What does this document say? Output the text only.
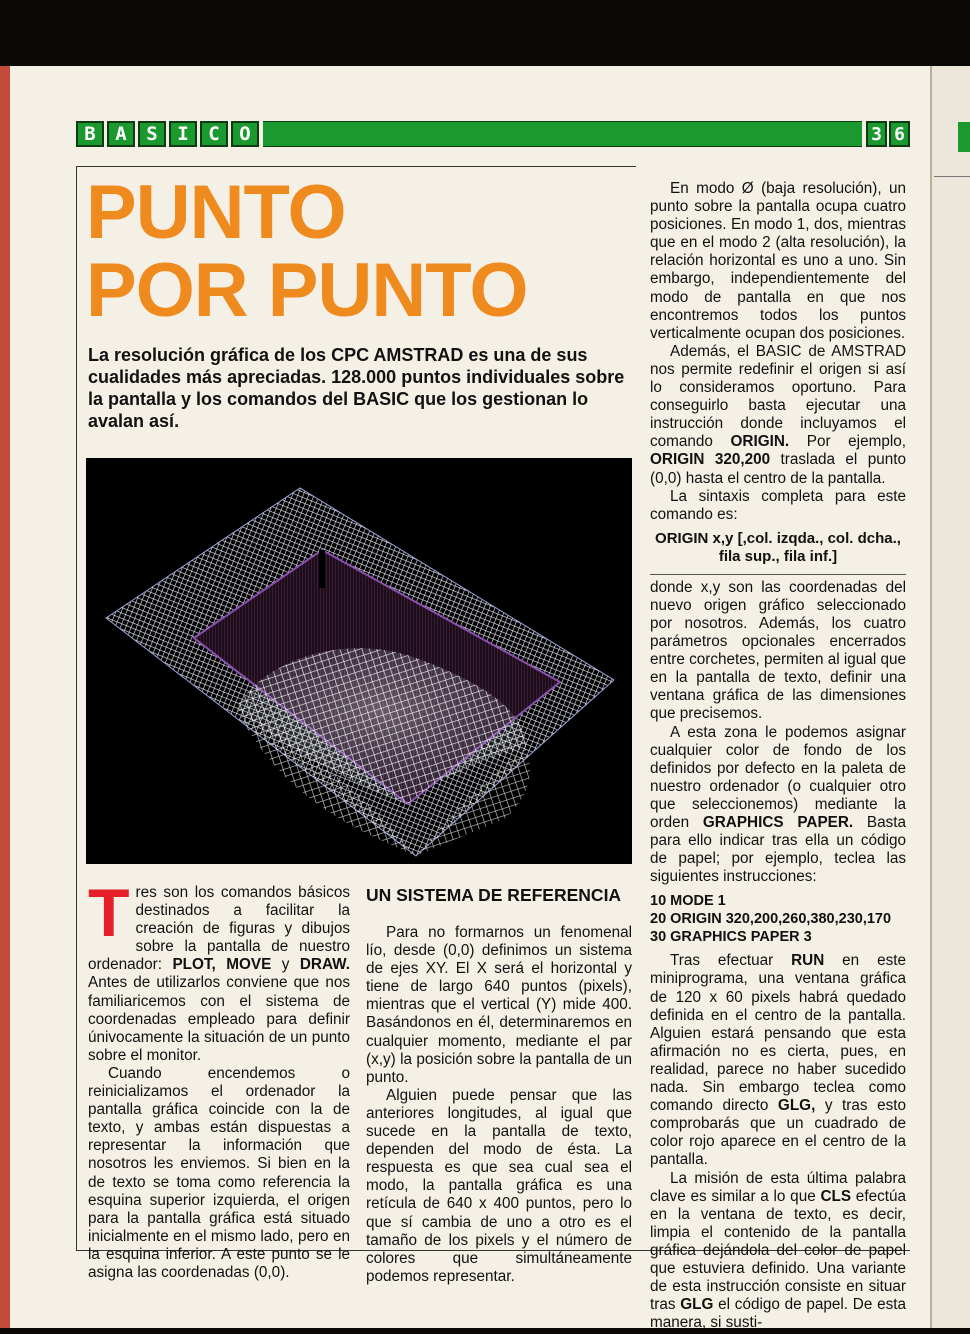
B	A	S	I	C	O	3 6
PUNTO
POR PUNTO

La resolución gráfica de los CPC AMSTRAD es una de sus cualidades más apreciadas. 128.000 puntos individuales sobre la pantalla y los comandos del BASIC que los gestionan lo avalan así.

Tres son los comandos básicos destinados a facilitar la creación de figuras y dibujos sobre la pantalla de nuestro ordenador: PLOT, MOVE y DRAW. Antes de utilizarlos conviene que nos familiaricemos con el sistema de coordenadas empleado para definir únivocamente la situación de un punto sobre el monitor.

Cuando encendemos o reinicializamos el ordenador la pantalla gráfica coincide con la de texto, y ambas están dispuestas a representar la información que nosotros les enviemos. Si bien en la de texto se toma como referencia la esquina superior izquierda, el origen para la pantalla gráfica está situado inicialmente en el mismo lado, pero en la esquina inferior. A este punto se le asigna las coordenadas (0,0).

UN SISTEMA DE REFERENCIA

Para no formarnos un fenomenal lío, desde (0,0) definimos un sistema de ejes XY. El X será el horizontal y tiene de largo 640 puntos (pixels), mientras que el vertical (Y) mide 400. Basándonos en él, determinaremos en cualquier momento, mediante el par (x,y) la posición sobre la pantalla de un punto.

Alguien puede pensar que las anteriores longitudes, al igual que sucede en la pantalla de texto, dependen del modo de ésta. La respuesta es que sea cual sea el modo, la pantalla gráfica es una retícula de 640 x 400 puntos, pero lo que sí cambia de uno a otro es el tamaño de los pixels y el número de colores que simultáneamente podemos representar.

En modo Ø (baja resolución), un punto sobre la pantalla ocupa cuatro posiciones. En modo 1, dos, mientras que en el modo 2 (alta resolución), la relación horizontal es uno a uno. Sin embargo, independientemente del modo de pantalla en que nos encontremos todos los puntos verticalmente ocupan dos posiciones.

Además, el BASIC de AMSTRAD nos permite redefinir el origen si así lo consideramos oportuno. Para conseguirlo basta ejecutar una instrucción donde incluyamos el comando ORIGIN. Por ejemplo, ORIGIN 320,200 traslada el punto (0,0) hasta el centro de la pantalla.

La sintaxis completa para este comando es:

ORIGIN x,y [,col. izqda., col. dcha.,
fila sup., fila inf.]

donde x,y son las coordenadas del nuevo origen gráfico seleccionado por nosotros. Además, los cuatro parámetros opcionales encerrados entre corchetes, permiten al igual que en la pantalla de texto, definir una ventana gráfica de las dimensiones que precisemos.

A esta zona le podemos asignar cualquier color de fondo de los definidos por defecto en la paleta de nuestro ordenador (o cualquier otro que seleccionemos) mediante la orden GRAPHICS PAPER. Basta para ello indicar tras ella un código de papel; por ejemplo, teclea las siguientes instrucciones:

10 MODE 1
20 ORIGIN 320,200,260,380,230,170
30 GRAPHICS PAPER 3

Tras efectuar RUN en este miniprograma, una ventana gráfica de 120 x 60 pixels habrá quedado definida en el centro de la pantalla. Alguien estará pensando que esta afirmación no es cierta, pues, en realidad, parece no haber sucedido nada. Sin embargo teclea como comando directo GLG, y tras esto comprobarás que un cuadrado de color rojo aparece en el centro de la pantalla.

La misión de esta última palabra clave es similar a lo que CLS efectúa en la ventana de texto, es decir, limpia el contenido de la pantalla gráfica dejándola del color de papel que estuviera definido. Una variante de esta instrucción consiste en situar tras GLG el código de papel. De esta manera, si susti-
